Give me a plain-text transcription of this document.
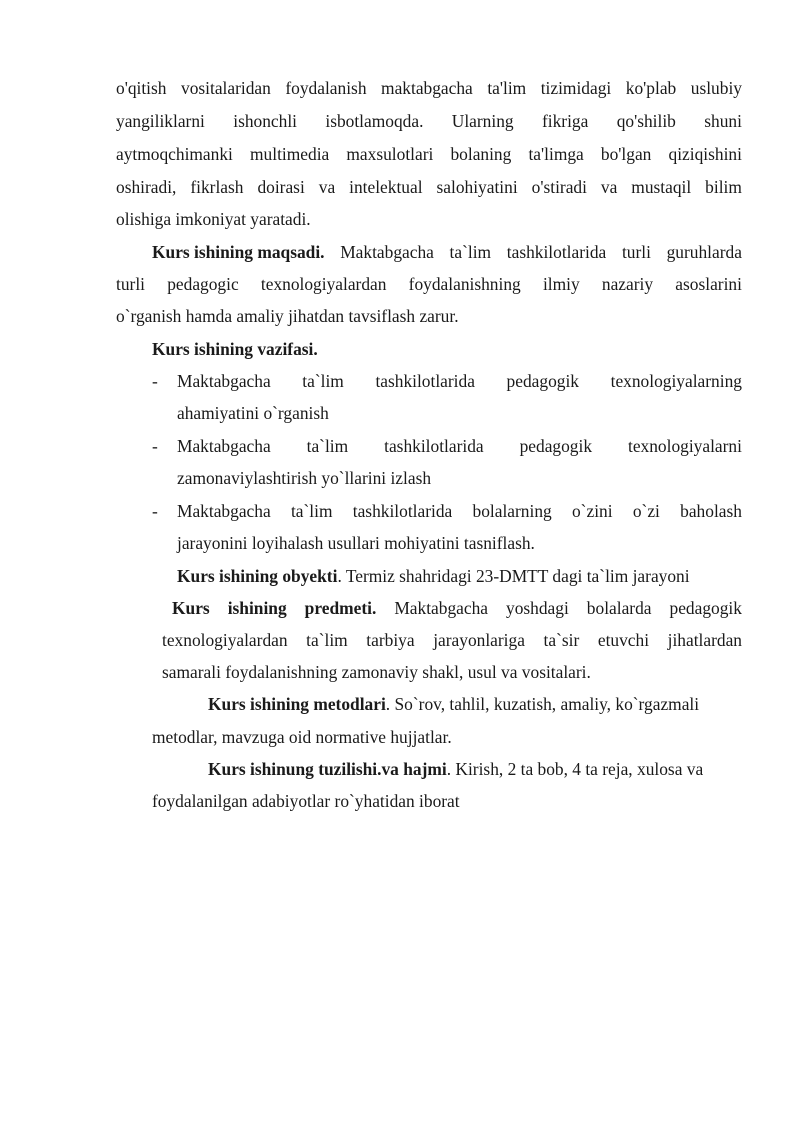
o'qitish vositalaridan foydalanish maktabgacha ta'lim tizimidagi ko'plab uslubiy
yangiliklarni ishonchli isbotlamoqda. Ularning fikriga qo'shilib shuni
aytmoqchimanki multimedia maxsulotlari bolaning ta'limga bo'lgan qiziqishini
oshiradi, fikrlash doirasi va intelektual salohiyatini o'stiradi va mustaqil bilim
olishiga imkoniyat yaratadi.
Kurs ishining maqsadi. Maktabgacha ta`lim tashkilotlarida turli guruhlarda
turli pedagogic texnologiyalardan foydalanishning ilmiy nazariy asoslarini
o`rganish hamda amaliy jihatdan tavsiflash zarur.
Kurs ishining vazifasi.
- Maktabgacha ta`lim tashkilotlarida pedagogik texnologiyalarning
ahamiyatini o`rganish
- Maktabgacha ta`lim tashkilotlarida pedagogik texnologiyalarni
zamonaviylashtirish yo`llarini izlash
- Maktabgacha ta`lim tashkilotlarida bolalarning o`zini o`zi baholash
jarayonini loyihalash usullari mohiyatini tasniflash.
Kurs ishining obyekti. Termiz shahridagi 23-DMTT dagi ta`lim jarayoni
Kurs ishining predmeti. Maktabgacha yoshdagi bolalarda pedagogik
texnologiyalardan ta`lim tarbiya jarayonlariga ta`sir etuvchi jihatlardan
samarali foydalanishning zamonaviy shakl, usul va vositalari.
Kurs ishining metodlari. So`rov, tahlil, kuzatish, amaliy, ko`rgazmali
metodlar, mavzuga oid normative hujjatlar.
Kurs ishinung tuzilishi.va hajmi. Kirish, 2 ta bob, 4 ta reja, xulosa va
foydalanilgan adabiyotlar ro`yhatidan iborat
